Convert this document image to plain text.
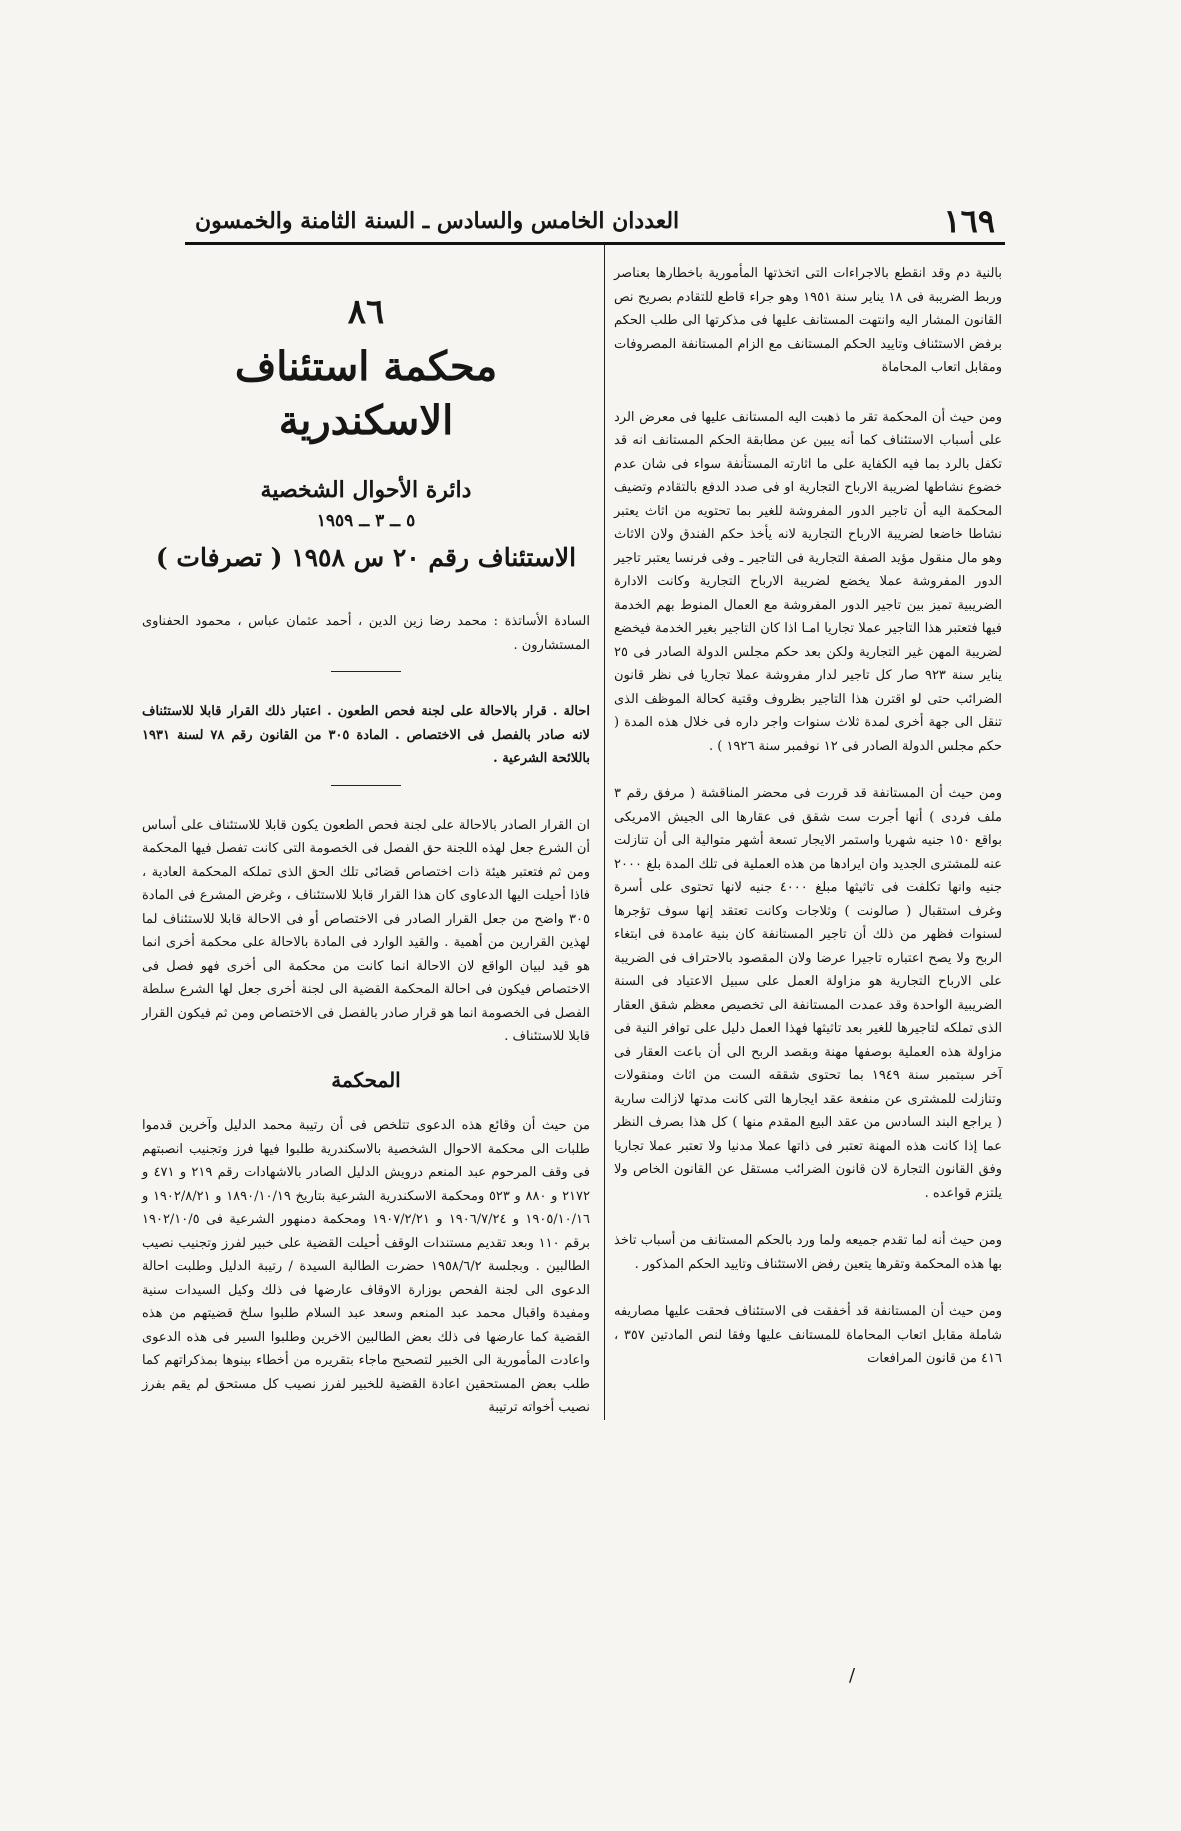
١٦٩
العددان الخامس والسادس ـ السنة الثامنة والخمسون

بالنية دم وقد انقطع بالاجراءات التى اتخذتها المأمورية باخطارها بعناصر وربط الضريبة فى ١٨ يناير سنة ١٩٥١ وهو جراء قاطع للتقادم بصريح نص القانون المشار اليه وانتهت المستانف عليها فى مذكرتها الى طلب الحكم برفض الاستئناف وتاييد الحكم المستانف مع الزام المستانفة المصروفات ومقابل اتعاب المحاماة

ومن حيث أن المحكمة تقر ما ذهبت اليه المستانف عليها فى معرض الرد على أسباب الاستئناف كما أنه يبين عن مطابقة الحكم المستانف انه قد تكفل بالرد بما فيه الكفاية على ما اثارته المستأنفة سواء فى شان عدم خضوع نشاطها لضريبة الارباح التجارية او فى صدد الدفع بالتقادم وتضيف المحكمة اليه أن تاجير الدور المفروشة للغير بما تحتويه من اثاث يعتبر نشاطا خاضعا لضريبة الارباح التجارية لانه يأخذ حكم الفندق ولان الاثاث وهو مال منقول مؤيد الصفة التجارية فى التاجير ـ وفى فرنسا يعتبر تاجير الدور المفروشة عملا يخضع لضريبة الارباح التجارية وكانت الادارة الضريبية تميز بين تاجير الدور المفروشة مع العمال المنوط بهم الخدمة فيها فتعتبر هذا التاجير عملا تجاريا امـا اذا كان التاجير بغير الخدمة فيخضع لضريبة المهن غير التجارية ولكن بعد حكم مجلس الدولة الصادر فى ٢٥ يناير سنة ٩٢٣ صار كل تاجير لدار مفروشة عملا تجاريا فى نظر قانون الضرائب حتى لو اقترن هذا التاجير بظروف وقتية كحالة الموظف الذى تنقل الى جهة أخرى لمدة ثلاث سنوات واجر داره فى خلال هذه المدة ( حكم مجلس الدولة الصادر فى ١٢ نوفمبر سنة ١٩٢٦ ) .

ومن حيث أن المستانفة قد قررت فى محضر المناقشة ( مرفق رقم ٣ ملف فردى ) أنها أجرت ست شقق فى عقارها الى الجيش الامريكى بواقع ١٥٠ جنيه شهريا واستمر الايجار تسعة أشهر متوالية الى أن تنازلت عنه للمشترى الجديد وان ايرادها من هذه العملية فى تلك المدة بلغ ٢٠٠٠ جنيه وانها تكلفت فى تاثيثها مبلغ ٤٠٠٠ جنيه لانها تحتوى على أسرة وغرف استقبال ( صالونت ) وثلاجات وكانت تعتقد إنها سوف تؤجرها لسنوات فظهر من ذلك أن تاجير المستانفة كان بنية عامدة فى ابتغاء الربح ولا يصح اعتباره تاجيرا عرضا ولان المقصود بالاحتراف فى الضريبة على الارباح التجارية هو مزاولة العمل على سبيل الاعتياد فى السنة الضريبية الواحدة وقد عمدت المستانفة الى تخصيص معظم شقق العقار الذى تملكه لتاجيرها للغير بعد تاثيثها فهذا العمل دليل على توافر النية فى مزاولة هذه العملية بوصفها مهنة وبقصد الربح الى أن باعت العقار فى آخر سبتمبر سنة ١٩٤٩ بما تحتوى شققه الست من اثاث ومنقولات وتنازلت للمشترى عن منفعة عقد ايجارها التى كانت مدتها لازالت سارية ( يراجع البند السادس من عقد البيع المقدم منها ) كل هذا بصرف النظر عما إذا كانت هذه المهنة تعتبر فى ذاتها عملا مدنيا ولا تعتبر عملا تجاريا وفق القانون التجارة لان قانون الضرائب مستقل عن القانون الخاص ولا يلتزم قواعده .

ومن حيث أنه لما تقدم جميعه ولما ورد بالحكم المستانف من أسباب تاخذ بها هذه المحكمة وتقرها يتعين رفض الاستئناف وتاييد الحكم المذكور .

ومن حيث أن المستانفة قد أخفقت فى الاستئناف فحقت عليها مصاريفه شاملة مقابل اتعاب المحاماة للمستانف عليها وفقا لنص المادتين ٣٥٧ ، ٤١٦ من قانون المرافعات

٨٦

محكمة استئناف الاسكندرية

دائرة الأحوال الشخصية

٥ ــ ٣ ــ ١٩٥٩

الاستئناف رقم ٢٠ س ١٩٥٨ ( تصرفات )

السادة الأساتذة : محمد رضا زين الدين ، أحمد عثمان عباس ، محمود الحفناوى المستشارون .

احالة . قرار بالاحالة على لجنة فحص الطعون . اعتبار ذلك القرار قابلا للاستئناف لانه صادر بالفصل فى الاختصاص . المادة ٣٠٥ من القانون رقم ٧٨ لسنة ١٩٣١ باللائحة الشرعية .

ان القرار الصادر بالاحالة على لجنة فحص الطعون يكون قابلا للاستئناف على أساس أن الشرع جعل لهذه اللجنة حق الفصل فى الخصومة التى كانت تفصل فيها المحكمة ومن ثم فتعتبر هيئة ذات اختصاص قضائى تلك الحق الذى تملكه المحكمة العادية ، فاذا أحيلت اليها الدعاوى كان هذا القرار قابلا للاستئناف ، وغرض المشرع فى المادة ٣٠٥ واضح من جعل القرار الصادر فى الاختصاص أو فى الاحالة قابلا للاستئناف لما لهذين القرارين من أهمية . والقيد الوارد فى المادة بالاحالة على محكمة أخرى انما هو قيد لبيان الواقع لان الاحالة انما كانت من محكمة الى أخرى فهو فصل فى الاختصاص فيكون فى احالة المحكمة القضية الى لجنة أخرى جعل لها الشرع سلطة الفصل فى الخصومة انما هو قرار صادر بالفصل فى الاختصاص ومن ثم فيكون القرار قابلا للاستئناف .

المحكمة

من حيث أن وقائع هذه الدعوى تتلخص فى أن رتيبة محمد الدليل وآخرين قدموا طلبات الى محكمة الاحوال الشخصية بالاسكندرية طلبوا فيها فرز وتجنيب انصبتهم فى وقف المرحوم عبد المنعم درويش الدليل الصادر بالاشهادات رقم ٢١٩ و ٤٧١ و ٢١٧٢ و ٨٨٠ و ٥٢٣ ومحكمة الاسكندرية الشرعية بتاريخ ١٨٩٠/١٠/١٩ و ١٩٠٢/٨/٢١ و ١٩٠٥/١٠/١٦ و ١٩٠٦/٧/٢٤ و ١٩٠٧/٢/٢١ ومحكمة دمنهور الشرعية فى ١٩٠٢/١٠/٥ برقم ١١٠ وبعد تقديم مستندات الوقف أحيلت القضية على خبير لفرز وتجنيب نصيب الطالبين . وبجلسة ١٩٥٨/٦/٢ حضرت الطالبة السيدة / رتيبة الدليل وطلبت احالة الدعوى الى لجنة الفحص بوزارة الاوقاف عارضها فى ذلك وكيل السيدات سنية ومفيدة واقبال محمد عبد المنعم وسعد عبد السلام طلبوا سلخ قضيتهم من هذه القضية كما عارضها فى ذلك بعض الطالبين الاخرين وطلبوا السير فى هذه الدعوى واعادت المأمورية الى الخبير لتصحيح ماجاء بتقريره من أخطاء بينوها بمذكراتهم كما طلب بعض المستحقين اعادة القضية للخبير لفرز نصيب كل مستحق لم يقم بفرز نصيب أخواته ترتيبة

/
